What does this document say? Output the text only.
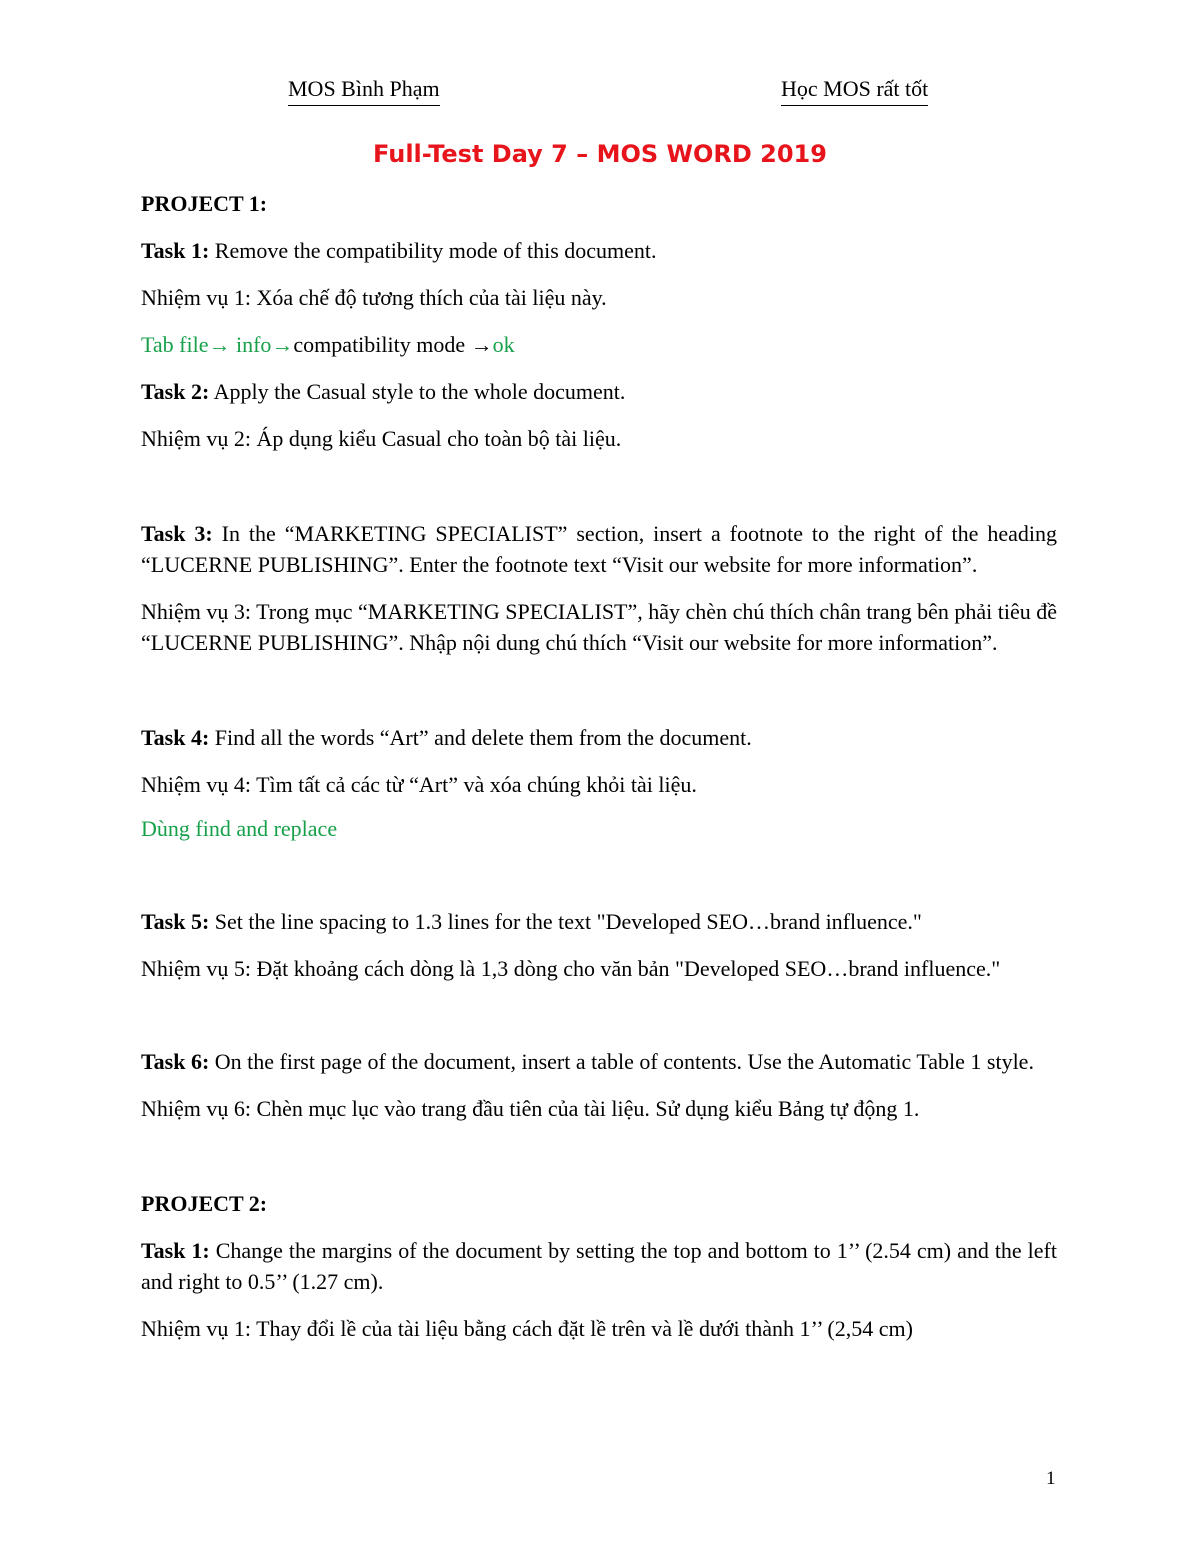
MOS Bình Phạm	Học MOS rất tốt
Full-Test Day 7 – MOS WORD 2019

PROJECT 1:

Task 1: Remove the compatibility mode of this document.

Nhiệm vụ 1: Xóa chế độ tương thích của tài liệu này.

Tab file→ info→compatibility mode →ok

Task 2: Apply the Casual style to the whole document.

Nhiệm vụ 2: Áp dụng kiểu Casual cho toàn bộ tài liệu.

Task 3: In the “MARKETING SPECIALIST” section, insert a footnote to the right of the heading “LUCERNE PUBLISHING”. Enter the footnote text “Visit our website for more information”.

Nhiệm vụ 3: Trong mục “MARKETING SPECIALIST”, hãy chèn chú thích chân trang bên phải tiêu đề “LUCERNE PUBLISHING”. Nhập nội dung chú thích “Visit our website for more information”.

Task 4: Find all the words “Art” and delete them from the document.

Nhiệm vụ 4: Tìm tất cả các từ “Art” và xóa chúng khỏi tài liệu.

Dùng find and replace

Task 5: Set the line spacing to 1.3 lines for the text "Developed SEO…brand influence."

Nhiệm vụ 5: Đặt khoảng cách dòng là 1,3 dòng cho văn bản "Developed SEO…brand influence."

Task 6: On the first page of the document, insert a table of contents. Use the Automatic Table 1 style.

Nhiệm vụ 6: Chèn mục lục vào trang đầu tiên của tài liệu. Sử dụng kiểu Bảng tự động 1.

PROJECT 2:

Task 1: Change the margins of the document by setting the top and bottom to 1’’ (2.54 cm) and the left and right to 0.5’’ (1.27 cm).

Nhiệm vụ 1: Thay đổi lề của tài liệu bằng cách đặt lề trên và lề dưới thành 1’’ (2,54 cm)

1
